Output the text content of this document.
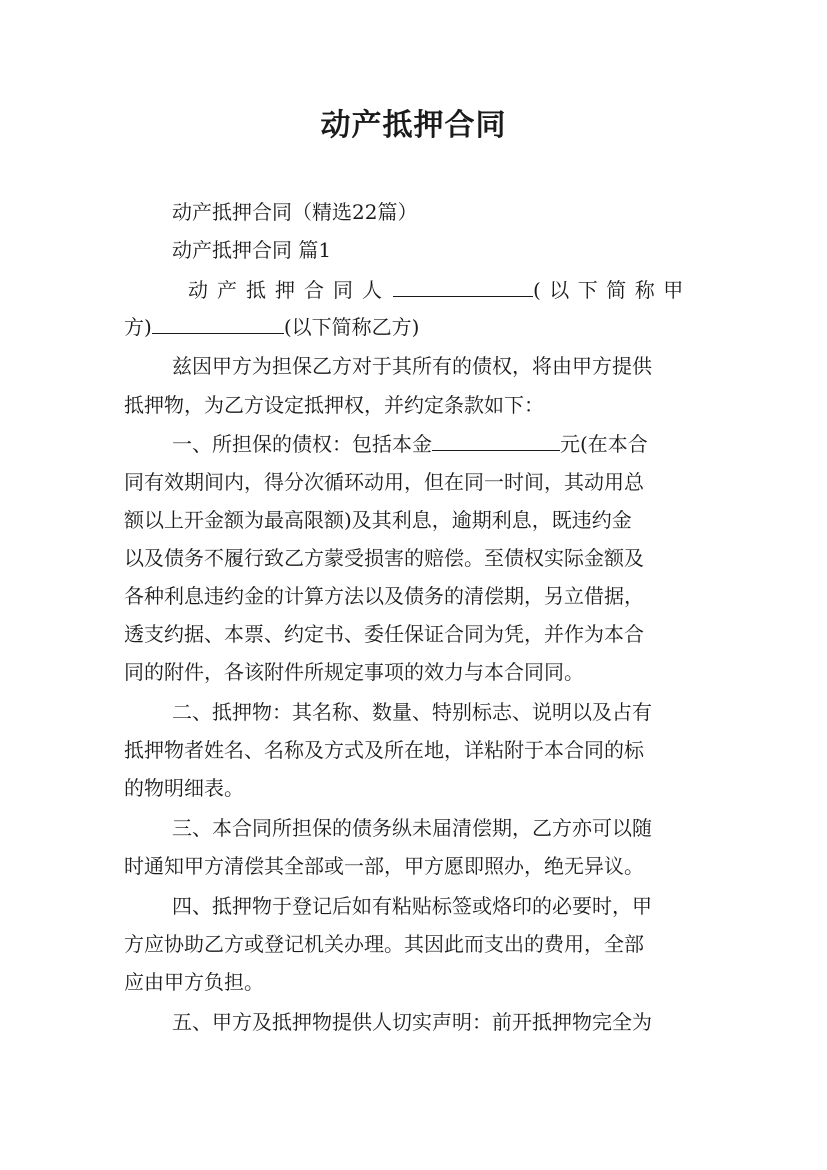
动产抵押合同
动产抵押合同（精选22篇）
动产抵押合同 篇1
动产抵押合同人	(以下简称甲
方)	(以下简称乙方)
兹因甲方为担保乙方对于其所有的债权，将由甲方提供
抵押物，为乙方设定抵押权，并约定条款如下：
一、所担保的债权：包括本金	元(在本合
同有效期间内，得分次循环动用，但在同一时间，其动用总
额以上开金额为最高限额)及其利息，逾期利息，既违约金
以及债务不履行致乙方蒙受损害的赔偿。至债权实际金额及
各种利息违约金的计算方法以及债务的清偿期，另立借据，
透支约据、本票、约定书、委任保证合同为凭，并作为本合
同的附件，各该附件所规定事项的效力与本合同同。
二、抵押物：其名称、数量、特别标志、说明以及占有
抵押物者姓名、名称及方式及所在地，详粘附于本合同的标
的物明细表。
三、本合同所担保的债务纵未届清偿期，乙方亦可以随
时通知甲方清偿其全部或一部，甲方愿即照办，绝无异议。
四、抵押物于登记后如有粘贴标签或烙印的必要时，甲
方应协助乙方或登记机关办理。其因此而支出的费用，全部
应由甲方负担。
五、甲方及抵押物提供人切实声明：前开抵押物完全为
